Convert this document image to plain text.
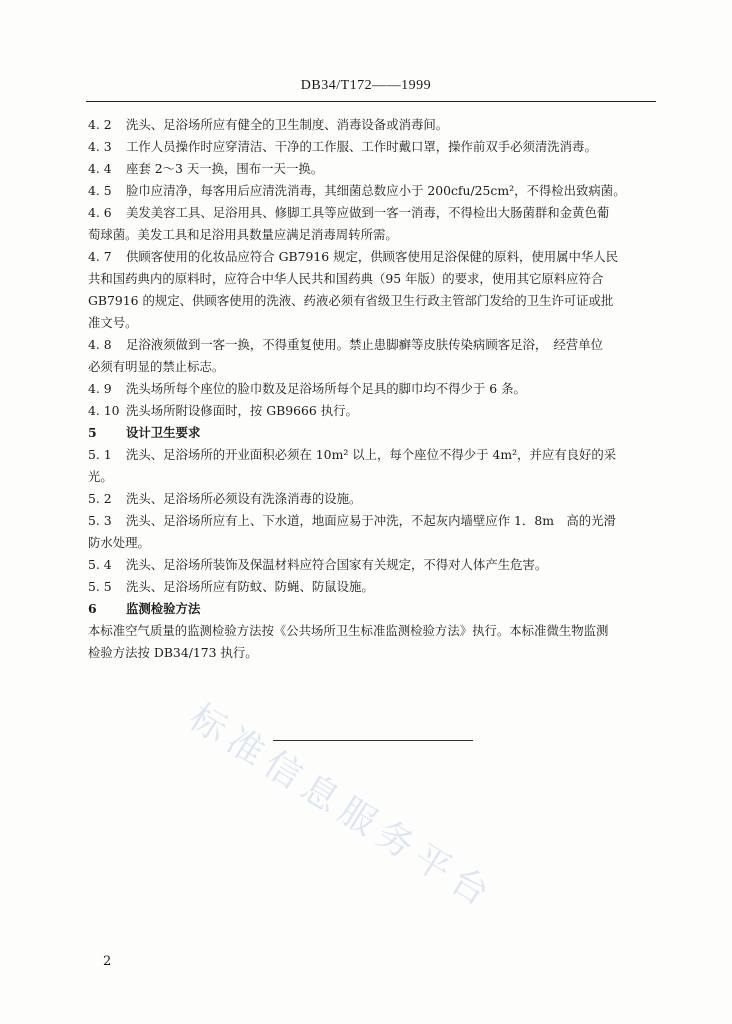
DB34/T172——1999
4. 2 洗头、足浴场所应有健全的卫生制度、消毒设备或消毒间。
4. 3 工作人员操作时应穿清洁、干净的工作服、工作时戴口罩，操作前双手必须清洗消毒。
4. 4 座套 2～3 天一换，围布一天一换。
4. 5 脸巾应清净，每客用后应清洗消毒，其细菌总数应小于 200cfu/25cm²，不得检出致病菌。
4. 6 美发美容工具、足浴用具、修脚工具等应做到一客一消毒，不得检出大肠菌群和金黄色葡
萄球菌。美发工具和足浴用具数量应满足消毒周转所需。
4. 7 供顾客使用的化妆品应符合 GB7916 规定，供顾客使用足浴保健的原料，使用属中华人民
共和国药典内的原料时，应符合中华人民共和国药典（95 年版）的要求，使用其它原料应符合
GB7916 的规定、供顾客使用的洗液、药液必须有省级卫生行政主管部门发给的卫生许可证或批
准文号。
4. 8 足浴液须做到一客一换，不得重复使用。禁止患脚癣等皮肤传染病顾客足浴，　经营单位
必须有明显的禁止标志。
4. 9 洗头场所每个座位的脸巾数及足浴场所每个足具的脚巾均不得少于 6 条。
4. 10 洗头场所附设修面时，按 GB9666 执行。
5 设计卫生要求
5. 1 洗头、足浴场所的开业面积必须在 10m² 以上，每个座位不得少于 4m²，并应有良好的采
光。
5. 2 洗头、足浴场所必须设有洗涤消毒的设施。
5. 3 洗头、足浴场所应有上、下水道，地面应易于冲洗，不起灰内墙壁应作 1．8m　高的光滑
防水处理。
5. 4 洗头、足浴场所装饰及保温材料应符合国家有关规定，不得对人体产生危害。
5. 5 洗头、足浴场所应有防蚊、防蝇、防鼠设施。
6 监测检验方法
本标准空气质量的监测检验方法按《公共场所卫生标准监测检验方法》执行。本标准微生物监测
检验方法按 DB34/173 执行。
标准信息服务平台
2
